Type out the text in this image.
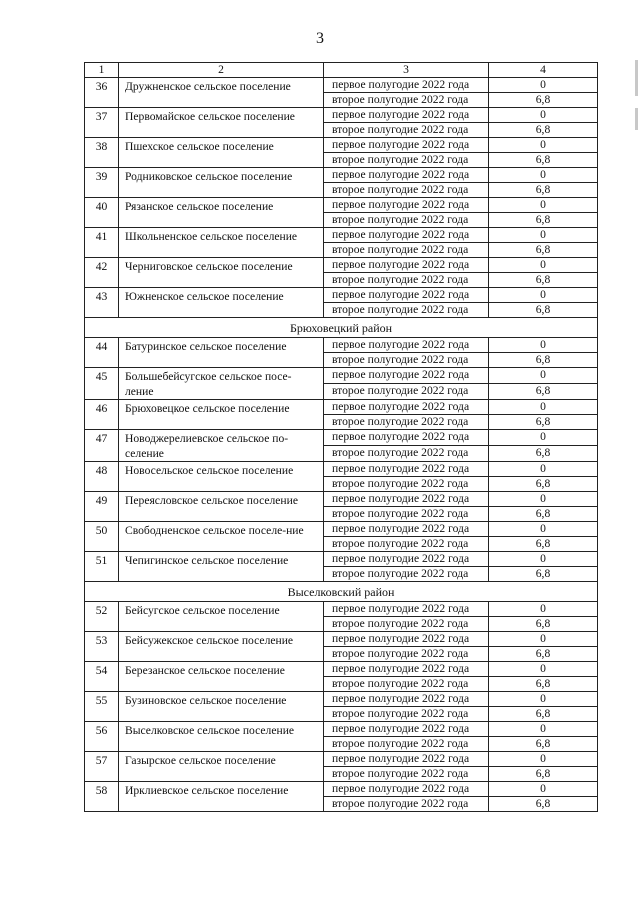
3
1	2	3	4
36	Дружненское сельское поселение	первое полугодие 2022 года	0
		второе полугодие 2022 года	6,8
37	Первомайское сельское поселение	первое полугодие 2022 года	0
		второе полугодие 2022 года	6,8
38	Пшехское сельское поселение	первое полугодие 2022 года	0
		второе полугодие 2022 года	6,8
39	Родниковское сельское поселение	первое полугодие 2022 года	0
		второе полугодие 2022 года	6,8
40	Рязанское сельское поселение	первое полугодие 2022 года	0
		второе полугодие 2022 года	6,8
41	Школьненское сельское поселение	первое полугодие 2022 года	0
		второе полугодие 2022 года	6,8
42	Черниговское сельское поселение	первое полугодие 2022 года	0
		второе полугодие 2022 года	6,8
43	Южненское сельское поселение	первое полугодие 2022 года	0
		второе полугодие 2022 года	6,8
Брюховецкий район			
44	Батуринское сельское поселение	первое полугодие 2022 года	0
		второе полугодие 2022 года	6,8
45	Большебейсугское сельское посе-ление	первое полугодие 2022 года	0
		второе полугодие 2022 года	6,8
46	Брюховецкое сельское поселение	первое полугодие 2022 года	0
		второе полугодие 2022 года	6,8
47	Новоджерелиевское сельское по-селение	первое полугодие 2022 года	0
		второе полугодие 2022 года	6,8
48	Новосельское сельское поселение	первое полугодие 2022 года	0
		второе полугодие 2022 года	6,8
49	Переясловское сельское поселение	первое полугодие 2022 года	0
		второе полугодие 2022 года	6,8
50	Свободненское сельское поселе-ние	первое полугодие 2022 года	0
		второе полугодие 2022 года	6,8
51	Чепигинское сельское поселение	первое полугодие 2022 года	0
		второе полугодие 2022 года	6,8
Выселковский район			
52	Бейсугское сельское поселение	первое полугодие 2022 года	0
		второе полугодие 2022 года	6,8
53	Бейсужекское сельское поселение	первое полугодие 2022 года	0
		второе полугодие 2022 года	6,8
54	Березанское сельское поселение	первое полугодие 2022 года	0
		второе полугодие 2022 года	6,8
55	Бузиновское сельское поселение	первое полугодие 2022 года	0
		второе полугодие 2022 года	6,8
56	Выселковское сельское поселение	первое полугодие 2022 года	0
		второе полугодие 2022 года	6,8
57	Газырское сельское поселение	первое полугодие 2022 года	0
		второе полугодие 2022 года	6,8
58	Ирклиевское сельское поселение	первое полугодие 2022 года	0
		второе полугодие 2022 года	6,8
